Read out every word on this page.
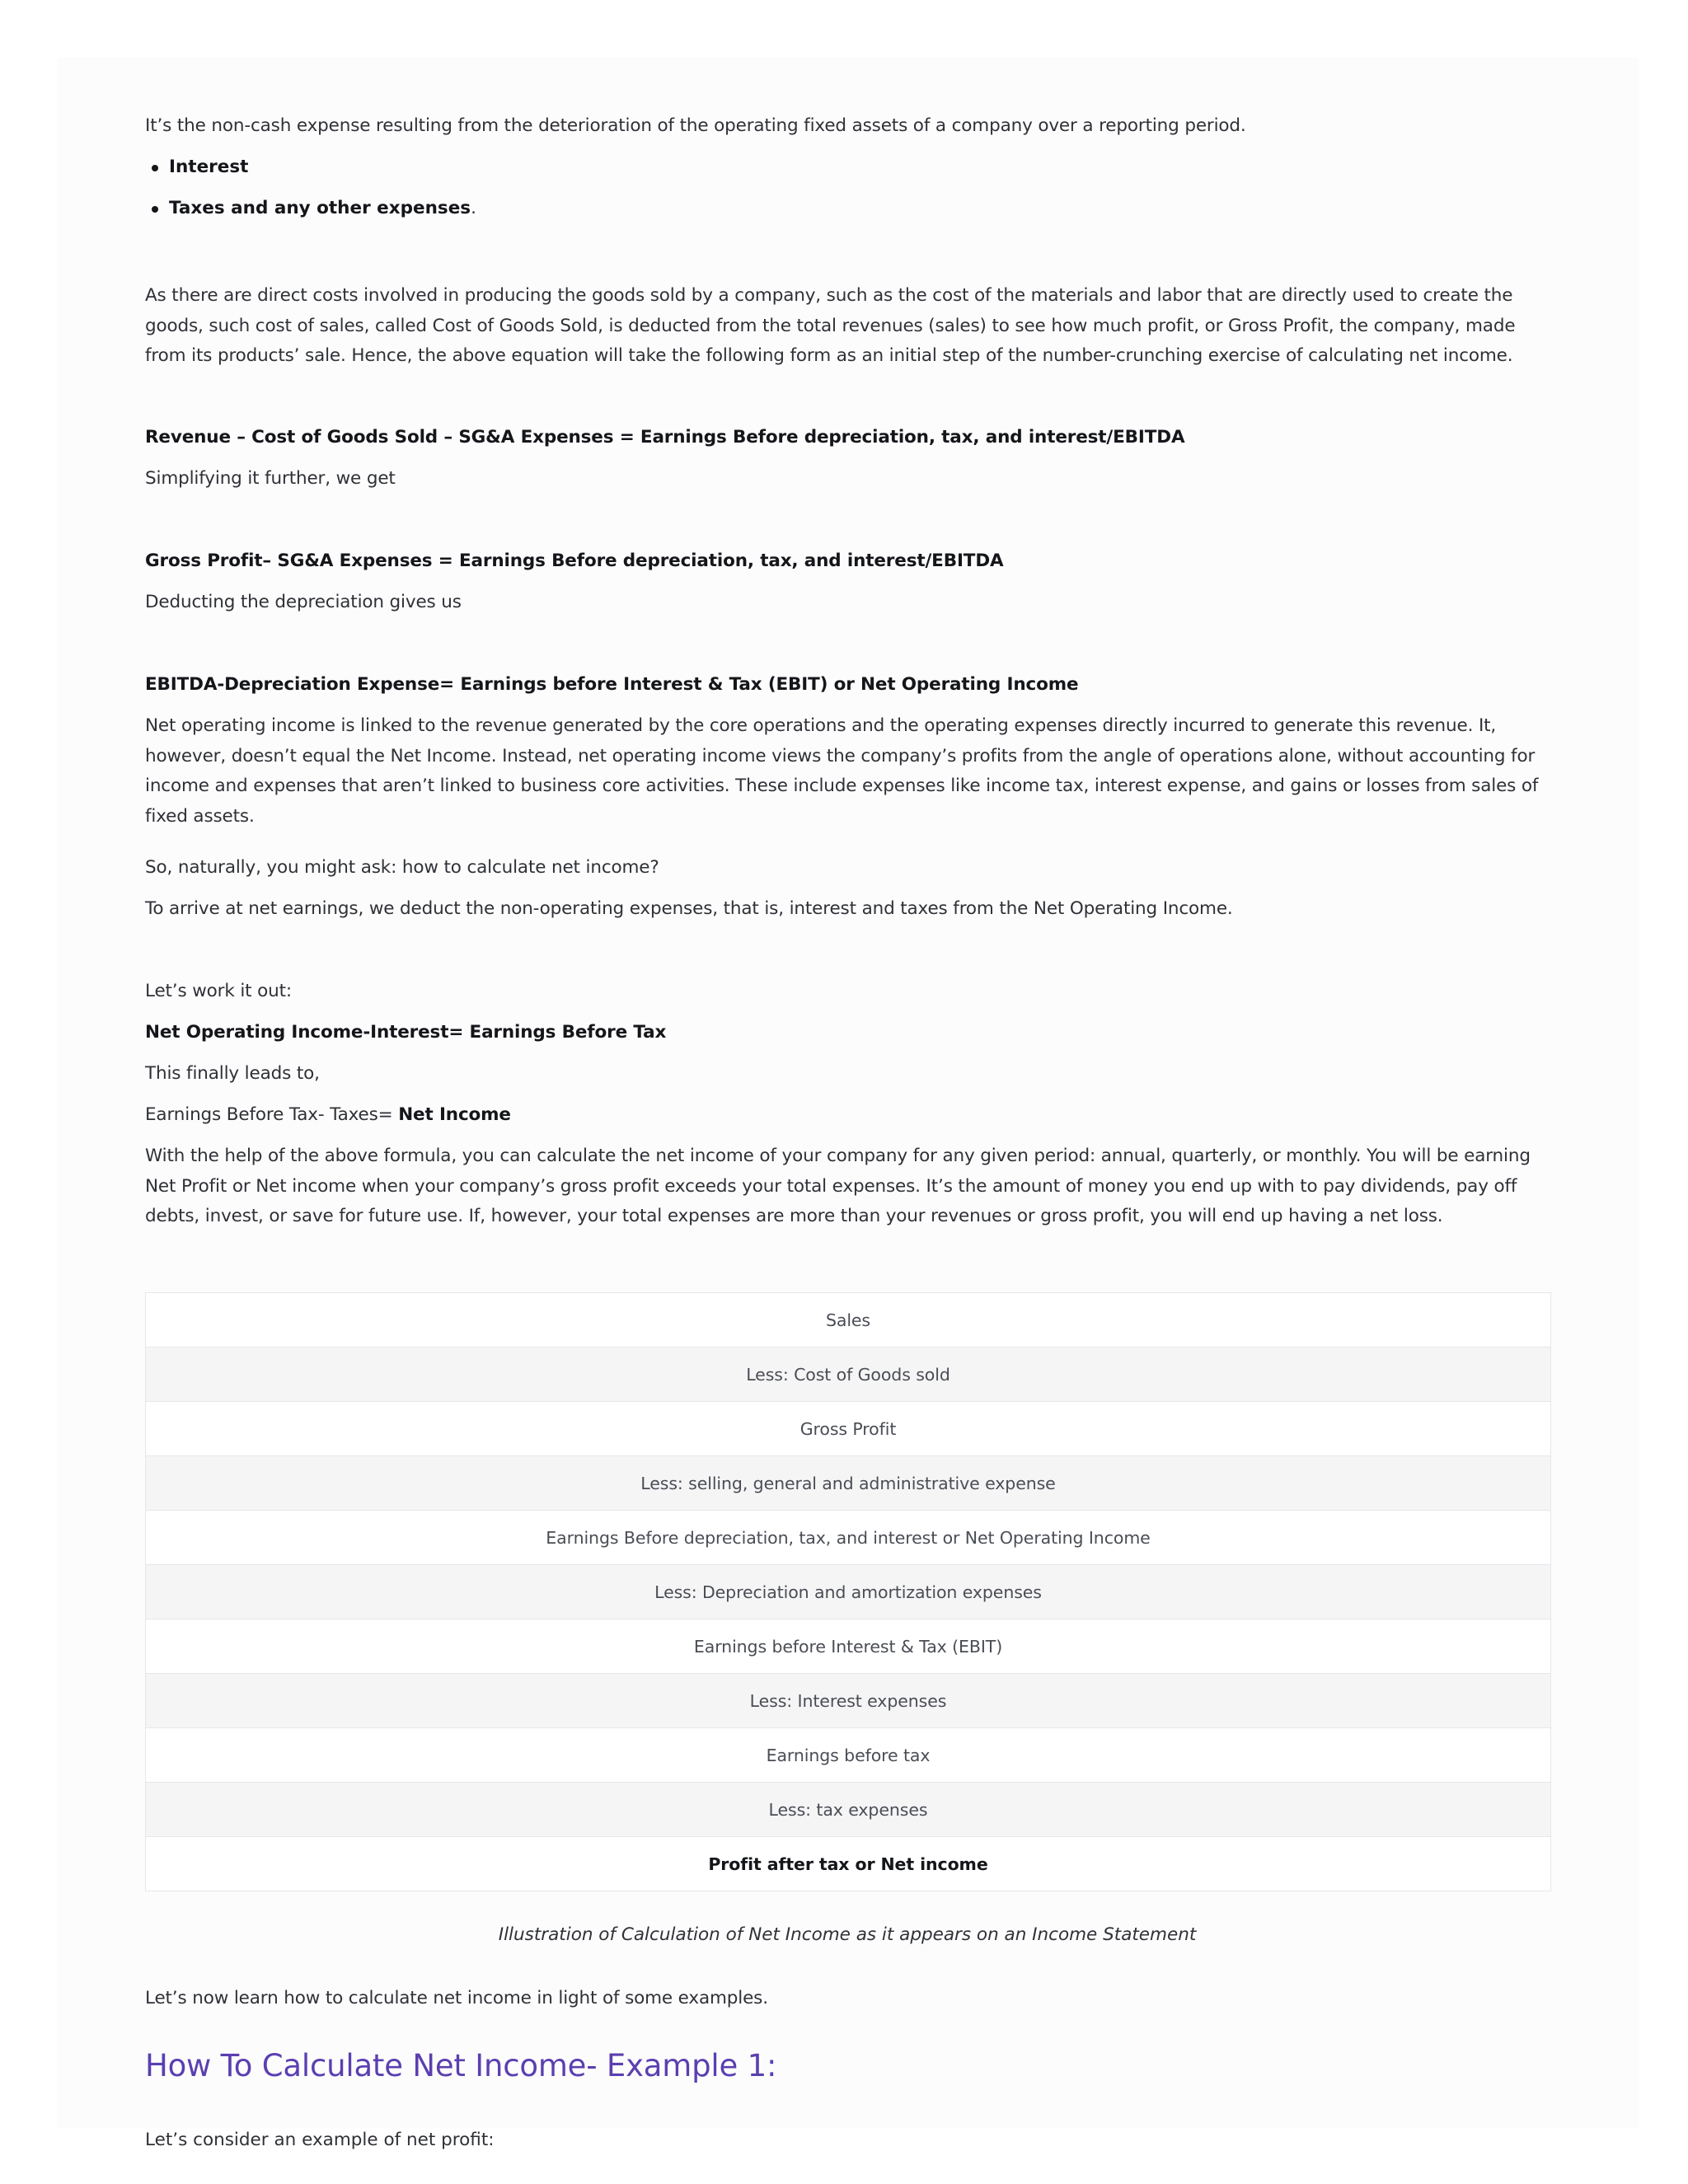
It’s the non-cash expense resulting from the deterioration of the operating fixed assets of a company over a reporting period.

Interest
Taxes and any other expenses.

As there are direct costs involved in producing the goods sold by a company, such as the cost of the materials and labor that are directly used to create the goods, such cost of sales, called Cost of Goods Sold, is deducted from the total revenues (sales) to see how much profit, or Gross Profit, the company, made from its products’ sale. Hence, the above equation will take the following form as an initial step of the number-crunching exercise of calculating net income.

Revenue – Cost of Goods Sold – SG&A Expenses = Earnings Before depreciation, tax, and interest/EBITDA

Simplifying it further, we get

Gross Profit– SG&A Expenses = Earnings Before depreciation, tax, and interest/EBITDA

Deducting the depreciation gives us

EBITDA-Depreciation Expense= Earnings before Interest & Tax (EBIT) or Net Operating Income

Net operating income is linked to the revenue generated by the core operations and the operating expenses directly incurred to generate this revenue. It, however, doesn’t equal the Net Income. Instead, net operating income views the company’s profits from the angle of operations alone, without accounting for income and expenses that aren’t linked to business core activities. These include expenses like income tax, interest expense, and gains or losses from sales of fixed assets.

So, naturally, you might ask: how to calculate net income?

To arrive at net earnings, we deduct the non-operating expenses, that is, interest and taxes from the Net Operating Income.

Let’s work it out:

Net Operating Income-Interest= Earnings Before Tax

This finally leads to,

Earnings Before Tax- Taxes= Net Income

With the help of the above formula, you can calculate the net income of your company for any given period: annual, quarterly, or monthly. You will be earning Net Profit or Net income when your company’s gross profit exceeds your total expenses. It’s the amount of money you end up with to pay dividends, pay off debts, invest, or save for future use. If, however, your total expenses are more than your revenues or gross profit, you will end up having a net loss.

Sales
Less: Cost of Goods sold
Gross Profit
Less: selling, general and administrative expense
Earnings Before depreciation, tax, and interest or Net Operating Income
Less: Depreciation and amortization expenses
Earnings before Interest & Tax (EBIT)
Less: Interest expenses
Earnings before tax
Less: tax expenses
Profit after tax or Net income

Illustration of Calculation of Net Income as it appears on an Income Statement

Let’s now learn how to calculate net income in light of some examples.

How To Calculate Net Income- Example 1:

Let’s consider an example of net profit:
